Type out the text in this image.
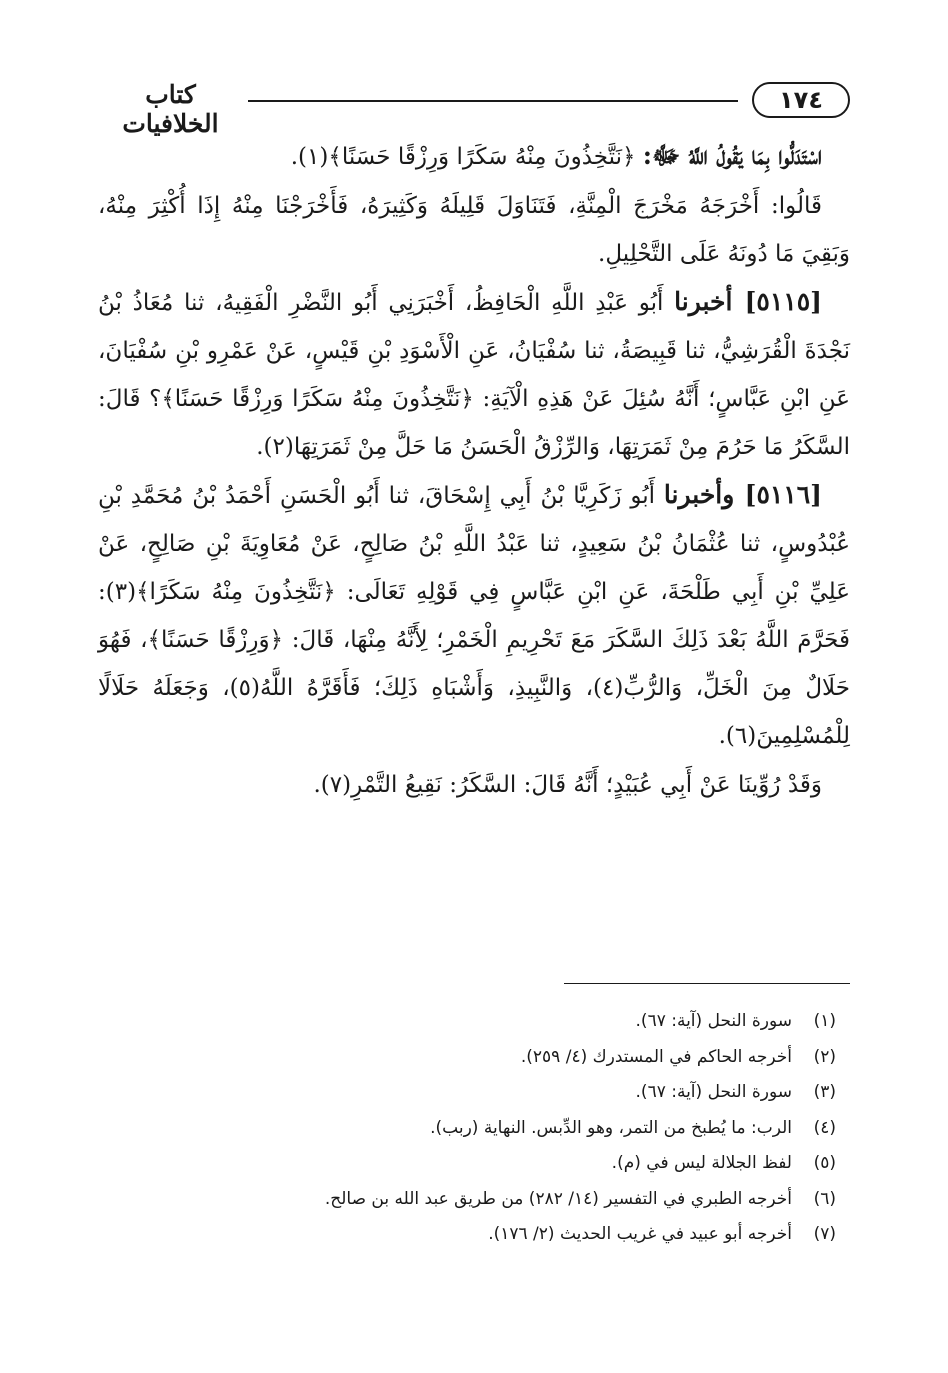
١٧٤
كتاب الخلافيات

اسْتَدَلُّوا بِمَا يَقُولُ اللَّهُ ﷻ: ﴿نَتَّخِذُونَ مِنْهُ سَكَرًا وَرِزْقًا حَسَنًا﴾(١).

قَالُوا: أَخْرَجَهُ مَخْرَجَ الْمِنَّةِ، فَتَنَاوَلَ قَلِيلَهُ وَكَثِيرَهُ، فَأَخْرَجْنَا مِنْهُ إِذَا أُكْثِرَ مِنْهُ، وَبَقِيَ مَا دُونَهُ عَلَى التَّحْلِيلِ.

[٥١١٥] أخبرنا أَبُو عَبْدِ اللَّهِ الْحَافِظُ، أَخْبَرَنِي أَبُو النَّضْرِ الْفَقِيهُ، ثنا مُعَاذُ بْنُ نَجْدَةَ الْقُرَشِيُّ، ثنا قَبِيصَةُ، ثنا سُفْيَانُ، عَنِ الْأَسْوَدِ بْنِ قَيْسٍ، عَنْ عَمْرِو بْنِ سُفْيَانَ، عَنِ ابْنِ عَبَّاسٍ؛ أَنَّهُ سُئِلَ عَنْ هَذِهِ الْآيَةِ: ﴿نَتَّخِذُونَ مِنْهُ سَكَرًا وَرِزْقًا حَسَنًا﴾؟ قَالَ: السَّكَرُ مَا حَرُمَ مِنْ ثَمَرَتِهَا، وَالرِّزْقُ الْحَسَنُ مَا حَلَّ مِنْ ثَمَرَتِهَا(٢).

[٥١١٦] وأخبرنا أَبُو زَكَرِيَّا بْنُ أَبِي إِسْحَاقَ، ثنا أَبُو الْحَسَنِ أَحْمَدُ بْنُ مُحَمَّدِ بْنِ عُبْدُوسٍ، ثنا عُثْمَانُ بْنُ سَعِيدٍ، ثنا عَبْدُ اللَّهِ بْنُ صَالِحٍ، عَنْ مُعَاوِيَةَ بْنِ صَالِحٍ، عَنْ عَلِيِّ بْنِ أَبِي طَلْحَةَ، عَنِ ابْنِ عَبَّاسٍ فِي قَوْلِهِ تَعَالَى: ﴿نَتَّخِذُونَ مِنْهُ سَكَرًا﴾(٣): فَحَرَّمَ اللَّهُ بَعْدَ ذَلِكَ السَّكَرَ مَعَ تَحْرِيمِ الْخَمْرِ؛ لِأَنَّهُ مِنْهَا، قَالَ: ﴿وَرِزْقًا حَسَنًا﴾، فَهُوَ حَلَالٌ مِنَ الْخَلِّ، وَالرُّبِّ(٤)، وَالنَّبِيذِ، وَأَشْبَاهِ ذَلِكَ؛ فَأَقَرَّهُ اللَّهُ(٥)، وَجَعَلَهُ حَلَالًا لِلْمُسْلِمِينَ(٦).

وَقَدْ رُوِّينَا عَنْ أَبِي عُبَيْدٍ؛ أَنَّهُ قَالَ: السَّكَرُ: نَقِيعُ التَّمْرِ(٧).

(١)
سورة النحل (آية: ٦٧).
(٢)
أخرجه الحاكم في المستدرك (٤/ ٢٥٩).
(٣)
سورة النحل (آية: ٦٧).
(٤)
الرب: ما يُطبخ من التمر، وهو الدِّبس. النهاية (ربب).
(٥)
لفظ الجلالة ليس في (م).
(٦)
أخرجه الطبري في التفسير (١٤/ ٢٨٢) من طريق عبد الله بن صالح.
(٧)
أخرجه أبو عبيد في غريب الحديث (٢/ ١٧٦).
